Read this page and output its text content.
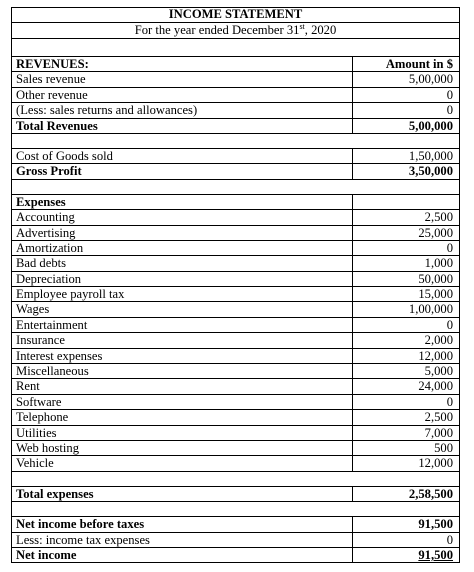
INCOME STATEMENT
For the year ended December 31st, 2020
REVENUES:	Amount in $
Sales revenue	5,00,000
Other revenue	0
(Less: sales returns and allowances)	0
Total Revenues	5,00,000
Cost of Goods sold	1,50,000
Gross Profit	3,50,000
Expenses
Accounting	2,500
Advertising	25,000
Amortization	0
Bad debts	1,000
Depreciation	50,000
Employee payroll tax	15,000
Wages	1,00,000
Entertainment	0
Insurance	2,000
Interest expenses	12,000
Miscellaneous	5,000
Rent	24,000
Software	0
Telephone	2,500
Utilities	7,000
Web hosting	500
Vehicle	12,000
Total expenses	2,58,500
Net income before taxes	91,500
Less: income tax expenses	0
Net income	91,500
